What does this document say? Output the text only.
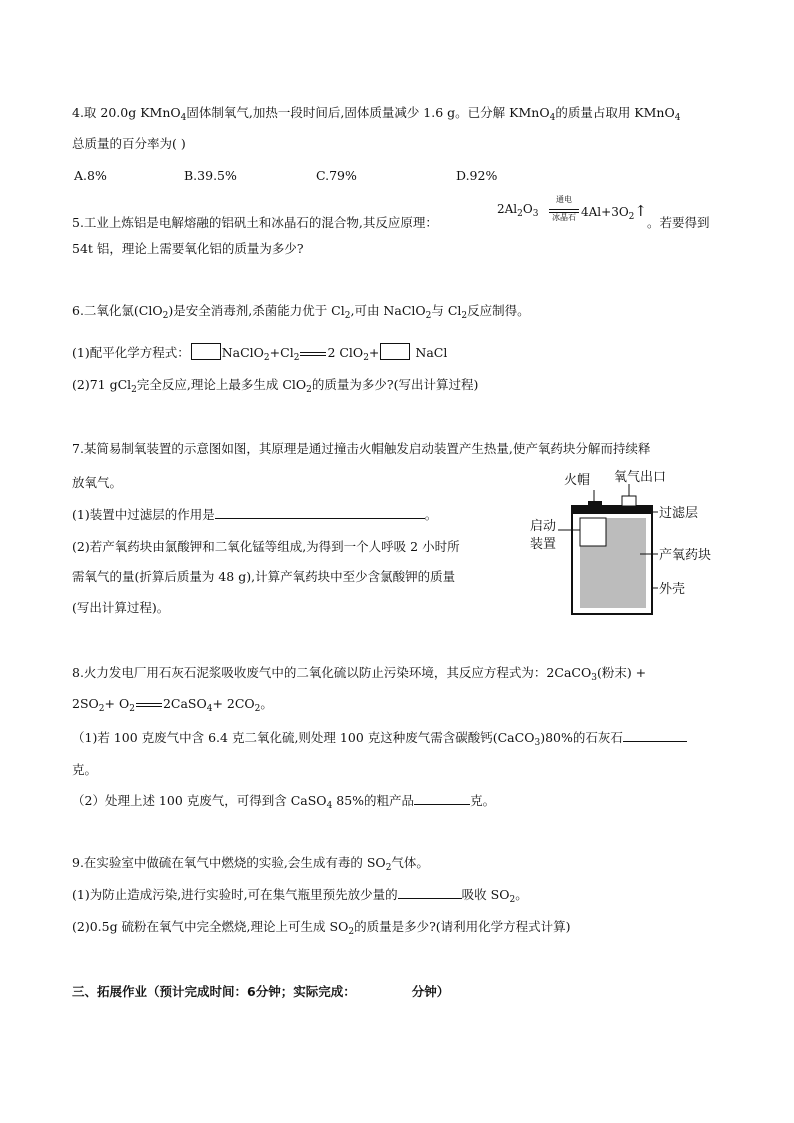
4.取 20.0g KMnO$_4$固体制氧气,加热一段时间后,固体质量减少 1.6 g。已分解 KMnO$_4$的质量占取用 KMnO$_4$
总质量的百分率为( )
A.8%	B.39.5%	C.79%	D.92%
5.工业上炼铝是电解熔融的铝矾土和冰晶石的混合物,其反应原理：	。若要得到
$2Al_2O_3$
通电
冰晶石 $4Al+3O_2↑$
54t 铝，理论上需要氧化铝的质量为多少?
6.二氧化氯(ClO$_2$)是安全消毒剂,杀菌能力优于 $Cl_2$,可由 NaClO$_2$与 $Cl_2$反应制得。
(1)配平化学方程式：	$NaClO_2+Cl_2$ 2 ClO$_2$+	NaCl
(2)71 gCl$_2$完全反应,理论上最多生成 ClO$_2$的质量为多少?(写出计算过程)
7.某简易制氧装置的示意图如图，其原理是通过撞击火帽触发启动装置产生热量,使产氧药块分解而持续释
放氧气。
(1)装置中过滤层的作用是	。
(2)若产氧药块由氯酸钾和二氧化锰等组成,为得到一个人呼吸 2 小时所
需氧气的量(折算后质量为 48 g),计算产氧药块中至少含氯酸钾的质量
(写出计算过程)。
火帽 氧气出口
过滤层
启动
装置
产氧药块
外壳
8.火力发电厂用石灰石泥浆吸收废气中的二氧化硫以防止污染环境，其反应方程式为：2CaCO$_3$(粉末) +
$2SO_2+ O_2$ 2CaSO$_4$+ $2CO_2$。
（1)若 100 克废气中含 6.4 克二氧化硫,则处理 100 克这种废气需含碳酸钙(CaCO$_3$)80%的石灰石
克。
（2）处理上述 100 克废气，可得到含 CaSO$_4$ 85%的粗产品	克。
9.在实验室中做硫在氧气中燃烧的实验,会生成有毒的 $SO_2$气体。
(1)为防止造成污染,进行实验时,可在集气瓶里预先放少量的	吸收 $SO_2$。
(2)0.5g 硫粉在氧气中完全燃烧,理论上可生成 $SO_2$的质量是多少?(请利用化学方程式计算)
三、拓展作业（预计完成时间：6分钟；实际完成：	分钟）
